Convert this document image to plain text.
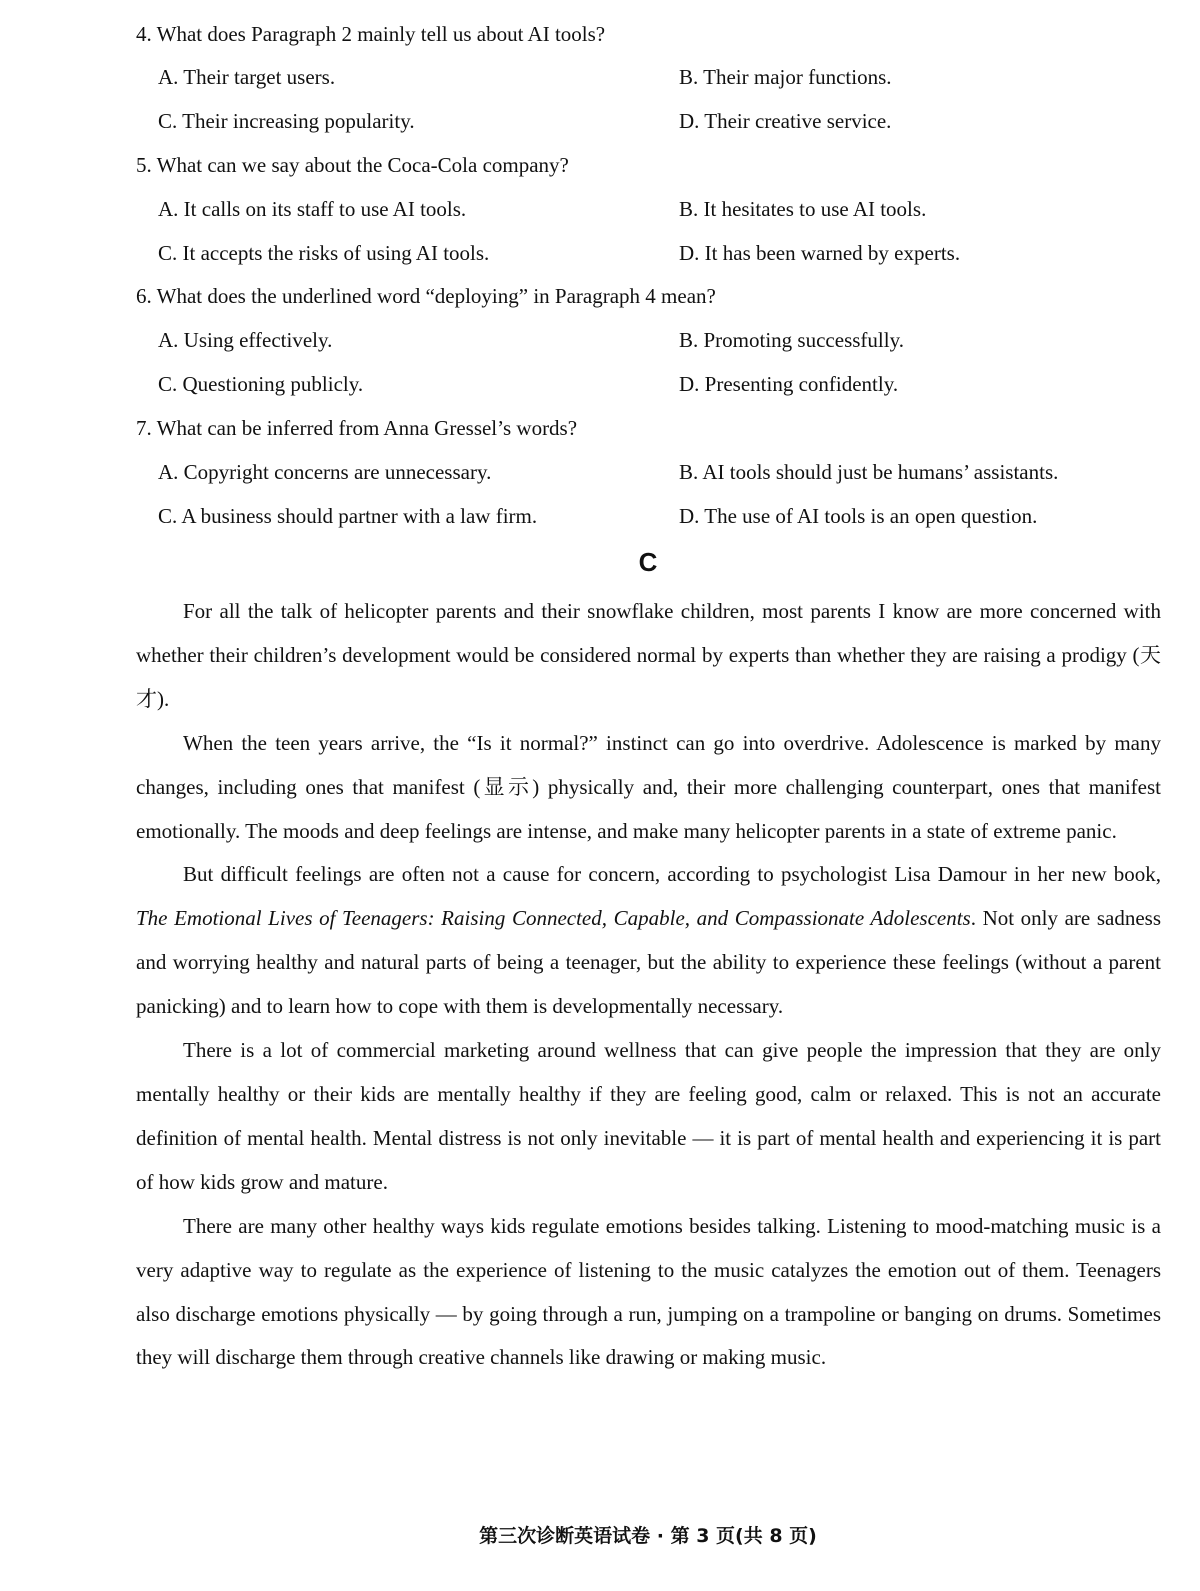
4. What does Paragraph 2 mainly tell us about AI tools?
A. Their target users.	B. Their major functions.
C. Their increasing popularity.	D. Their creative service.
5. What can we say about the Coca-Cola company?
A. It calls on its staff to use AI tools.	B. It hesitates to use AI tools.
C. It accepts the risks of using AI tools.	D. It has been warned by experts.
6. What does the underlined word “deploying” in Paragraph 4 mean?
A. Using effectively.	B. Promoting successfully.
C. Questioning publicly.	D. Presenting confidently.
7. What can be inferred from Anna Gressel’s words?
A. Copyright concerns are unnecessary.	B. AI tools should just be humans’ assistants.
C. A business should partner with a law firm.	D. The use of AI tools is an open question.
C

For all the talk of helicopter parents and their snowflake children, most parents I know are more concerned with whether their children’s development would be considered normal by experts than whether they are raising a prodigy (天才).

When the teen years arrive, the “Is it normal?” instinct can go into overdrive. Adolescence is marked by many changes, including ones that manifest (显示) physically and, their more challenging counterpart, ones that manifest emotionally. The moods and deep feelings are intense, and make many helicopter parents in a state of extreme panic.

But difficult feelings are often not a cause for concern, according to psychologist Lisa Damour in her new book, The Emotional Lives of Teenagers: Raising Connected, Capable, and Compassionate Adolescents. Not only are sadness and worrying healthy and natural parts of being a teenager, but the ability to experience these feelings (without a parent panicking) and to learn how to cope with them is developmentally necessary.

There is a lot of commercial marketing around wellness that can give people the impression that they are only mentally healthy or their kids are mentally healthy if they are feeling good, calm or relaxed. This is not an accurate definition of mental health. Mental distress is not only inevitable — it is part of mental health and experiencing it is part of how kids grow and mature.

There are many other healthy ways kids regulate emotions besides talking. Listening to mood-matching music is a very adaptive way to regulate as the experience of listening to the music catalyzes the emotion out of them. Teenagers also discharge emotions physically — by going through a run, jumping on a trampoline or banging on drums. Sometimes they will discharge them through creative channels like drawing or making music.

第三次诊断英语试卷 · 第 3 页(共 8 页)
